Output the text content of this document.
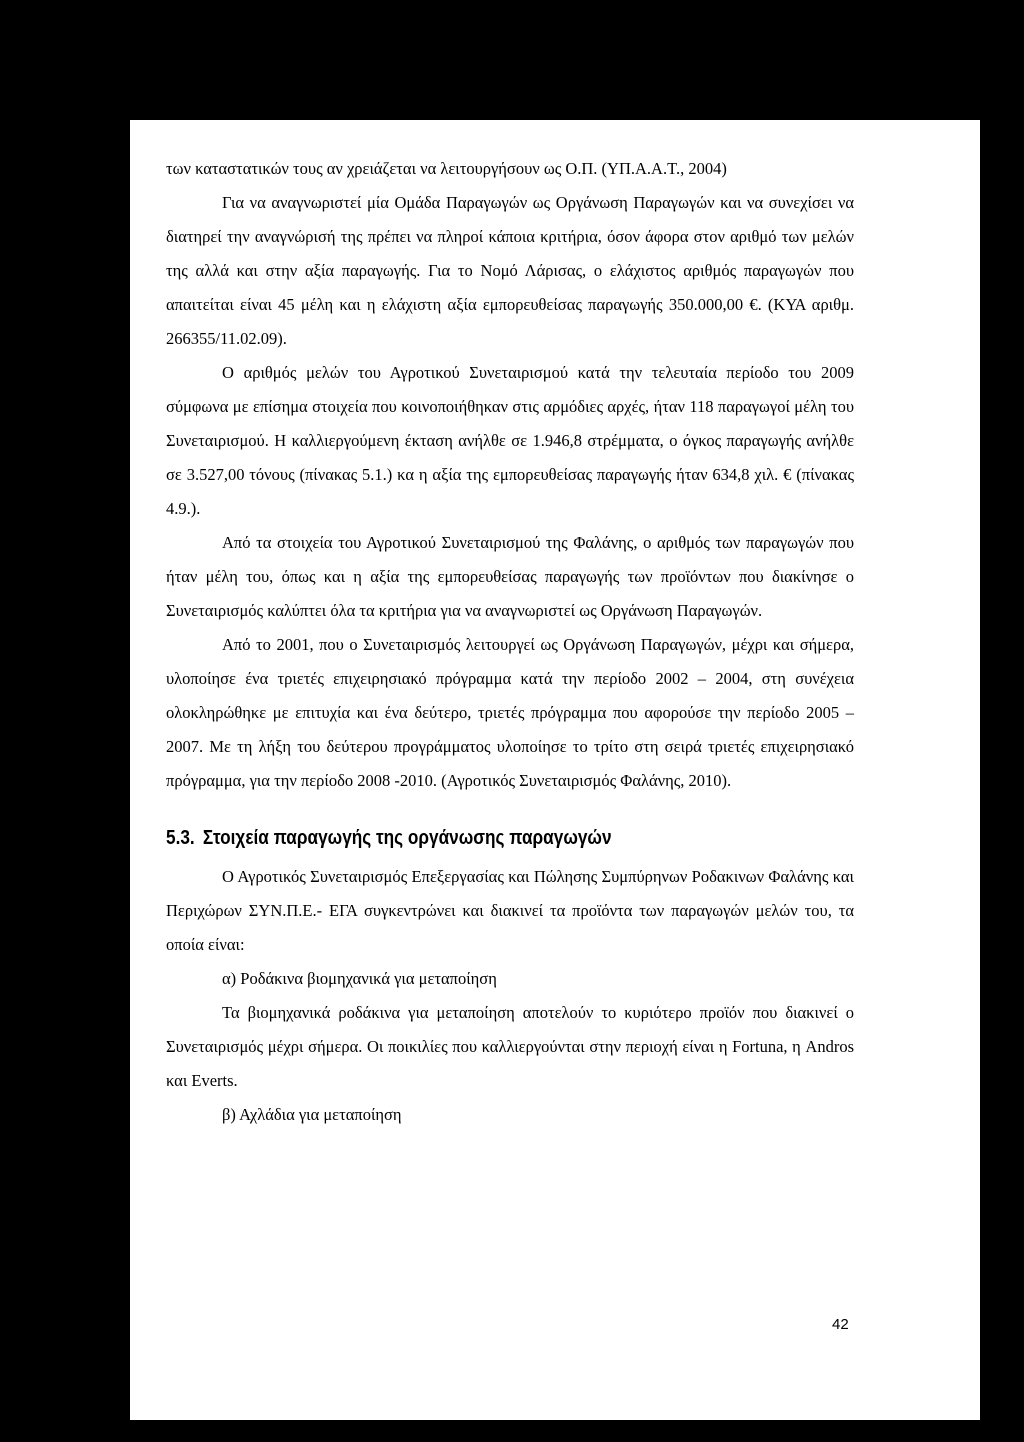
των καταστατικών τους αν χρειάζεται να λειτουργήσουν ως Ο.Π. (ΥΠ.Α.Α.Τ., 2004)

Για να αναγνωριστεί μία Ομάδα Παραγωγών ως Οργάνωση Παραγωγών και να συνεχίσει να διατηρεί την αναγνώρισή της πρέπει να πληροί κάποια κριτήρια, όσον άφορα στον αριθμό των μελών της αλλά και στην αξία παραγωγής. Για το Νομό Λάρισας, ο ελάχιστος αριθμός παραγωγών που απαιτείται είναι 45 μέλη και η ελάχιστη αξία εμπορευθείσας παραγωγής 350.000,00 €. (ΚΥΑ αριθμ. 266355/11.02.09).

Ο αριθμός μελών του Αγροτικού Συνεταιρισμού κατά την τελευταία περίοδο του 2009 σύμφωνα με επίσημα στοιχεία που κοινοποιήθηκαν στις αρμόδιες αρχές, ήταν 118 παραγωγοί μέλη του Συνεταιρισμού. Η καλλιεργούμενη έκταση ανήλθε σε 1.946,8 στρέμματα, ο όγκος παραγωγής ανήλθε σε 3.527,00 τόνους (πίνακας 5.1.) κα η αξία της εμπορευθείσας παραγωγής ήταν 634,8 χιλ. € (πίνακας 4.9.).

Από τα στοιχεία του Αγροτικού Συνεταιρισμού της Φαλάνης, ο αριθμός των παραγωγών που ήταν μέλη του, όπως και η αξία της εμπορευθείσας παραγωγής των προϊόντων που διακίνησε ο Συνεταιρισμός καλύπτει όλα τα κριτήρια για να αναγνωριστεί ως Οργάνωση Παραγωγών.

Από το 2001, που ο Συνεταιρισμός λειτουργεί ως Οργάνωση Παραγωγών, μέχρι και σήμερα, υλοποίησε ένα τριετές επιχειρησιακό πρόγραμμα κατά την περίοδο 2002 – 2004, στη συνέχεια ολοκληρώθηκε με επιτυχία και ένα δεύτερο, τριετές πρόγραμμα που αφορούσε την περίοδο 2005 – 2007. Με τη λήξη του δεύτερου προγράμματος υλοποίησε το τρίτο στη σειρά τριετές επιχειρησιακό πρόγραμμα, για την περίοδο 2008 -2010. (Αγροτικός Συνεταιρισμός Φαλάνης, 2010).

5.3. Στοιχεία παραγωγής της οργάνωσης παραγωγών

Ο Αγροτικός Συνεταιρισμός Επεξεργασίας και Πώλησης Συμπύρηνων Ροδακινων Φαλάνης και Περιχώρων ΣΥΝ.Π.Ε.- ΕΓΑ συγκεντρώνει και διακινεί τα προϊόντα των παραγωγών μελών του, τα οποία είναι:

α) Ροδάκινα βιομηχανικά για μεταποίηση

Τα βιομηχανικά ροδάκινα για μεταποίηση αποτελούν το κυριότερο προϊόν που διακινεί ο Συνεταιρισμός μέχρι σήμερα. Οι ποικιλίες που καλλιεργούνται στην περιοχή είναι η Fortuna, η Andros και Everts.

β) Αχλάδια για μεταποίηση

42
